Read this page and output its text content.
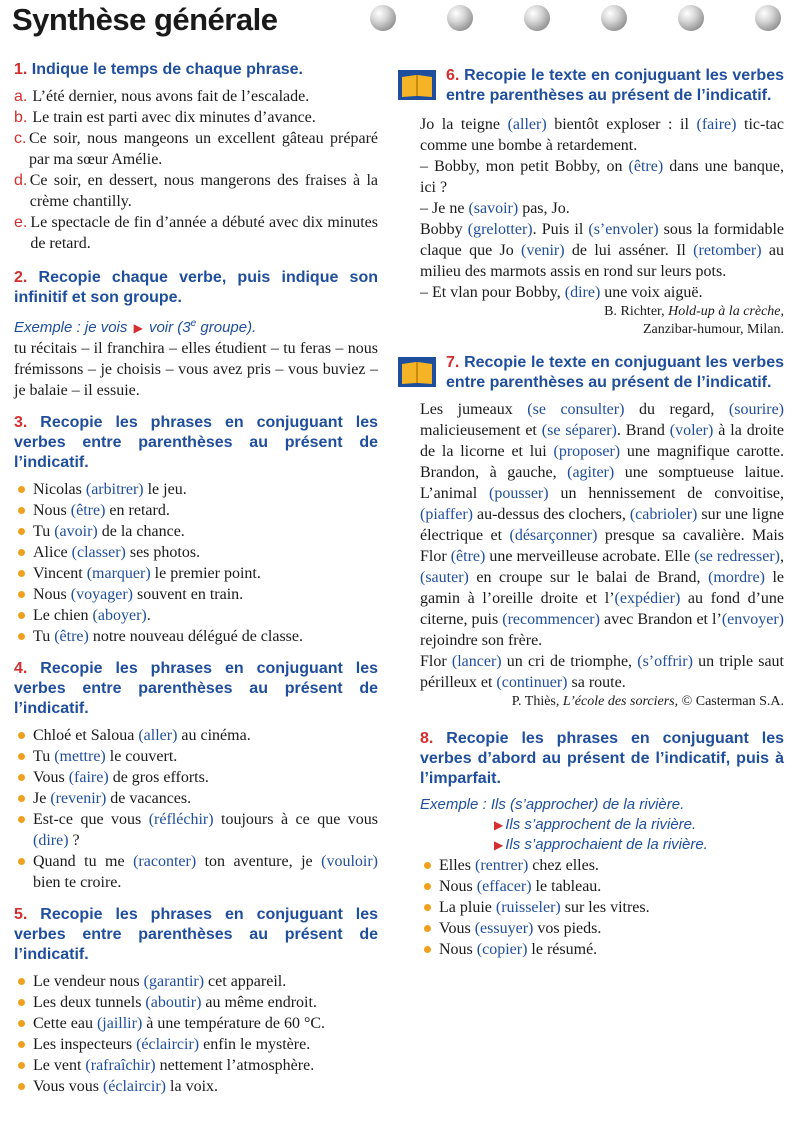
Synthèse générale

1. Indique le temps de chaque phrase.

a. L’été dernier, nous avons fait de l’escalade.
b. Le train est parti avec dix minutes d’avance.
c. Ce soir, nous mangeons un excellent gâteau préparé par ma sœur Amélie.
d. Ce soir, en dessert, nous mangerons des fraises à la crème chantilly.
e. Le spectacle de fin d’année a débuté avec dix minutes de retard.

2. Recopie chaque verbe, puis indique son infinitif et son groupe.

Exemple : je vois ▶ voir (3e groupe).

tu récitais – il franchira – elles étudient – tu feras – nous frémissons – je choisis – vous avez pris – vous buviez – je balaie – il essuie.

3. Recopie les phrases en conjuguant les verbes entre parenthèses au présent de l’indicatif.

Nicolas (arbitrer) le jeu.
Nous (être) en retard.
Tu (avoir) de la chance.
Alice (classer) ses photos.
Vincent (marquer) le premier point.
Nous (voyager) souvent en train.
Le chien (aboyer).
Tu (être) notre nouveau délégué de classe.

4. Recopie les phrases en conjuguant les verbes entre parenthèses au présent de l’indicatif.

Chloé et Saloua (aller) au cinéma.
Tu (mettre) le couvert.
Vous (faire) de gros efforts.
Je (revenir) de vacances.
Est-ce que vous (réfléchir) toujours à ce que vous (dire) ?
Quand tu me (raconter) ton aventure, je (vouloir) bien te croire.

5. Recopie les phrases en conjuguant les verbes entre parenthèses au présent de l’indicatif.

Le vendeur nous (garantir) cet appareil.
Les deux tunnels (aboutir) au même endroit.
Cette eau (jaillir) à une température de 60 °C.
Les inspecteurs (éclaircir) enfin le mystère.
Le vent (rafraîchir) nettement l’atmosphère.
Vous vous (éclaircir) la voix.

6. Recopie le texte en conjuguant les verbes entre parenthèses au présent de l’indicatif.

Jo la teigne (aller) bientôt exploser : il (faire) tic-tac comme une bombe à retardement.

– Bobby, mon petit Bobby, on (être) dans une banque, ici ?

– Je ne (savoir) pas, Jo.

Bobby (grelotter). Puis il (s’envoler) sous la formidable claque que Jo (venir) de lui asséner. Il (retomber) au milieu des marmots assis en rond sur leurs pots.

– Et vlan pour Bobby, (dire) une voix aiguë.

B. Richter, Hold-up à la crèche,

Zanzibar-humour, Milan.

7. Recopie le texte en conjuguant les verbes entre parenthèses au présent de l’indicatif.

Les jumeaux (se consulter) du regard, (sourire) malicieusement et (se séparer). Brand (voler) à la droite de la licorne et lui (proposer) une magnifique carotte. Brandon, à gauche, (agiter) une somptueuse laitue. L’animal (pousser) un hennissement de convoitise, (piaffer) au-dessus des clochers, (cabrioler) sur une ligne électrique et (désarçonner) presque sa cavalière. Mais Flor (être) une merveilleuse acrobate. Elle (se redresser), (sauter) en croupe sur le balai de Brand, (mordre) le gamin à l’oreille droite et l’(expédier) au fond d’une citerne, puis (recommencer) avec Brandon et l’(envoyer) rejoindre son frère.

Flor (lancer) un cri de triomphe, (s’offrir) un triple saut périlleux et (continuer) sa route.

P. Thiès, L’école des sorciers, © Casterman S.A.

8. Recopie les phrases en conjuguant les verbes d’abord au présent de l’indicatif, puis à l’imparfait.

Exemple : Ils (s’approcher) de la rivière.

▶ Ils s’approchent de la rivière.

▶ Ils s’approchaient de la rivière.

Elles (rentrer) chez elles.
Nous (effacer) le tableau.
La pluie (ruisseler) sur les vitres.
Vous (essuyer) vos pieds.
Nous (copier) le résumé.
